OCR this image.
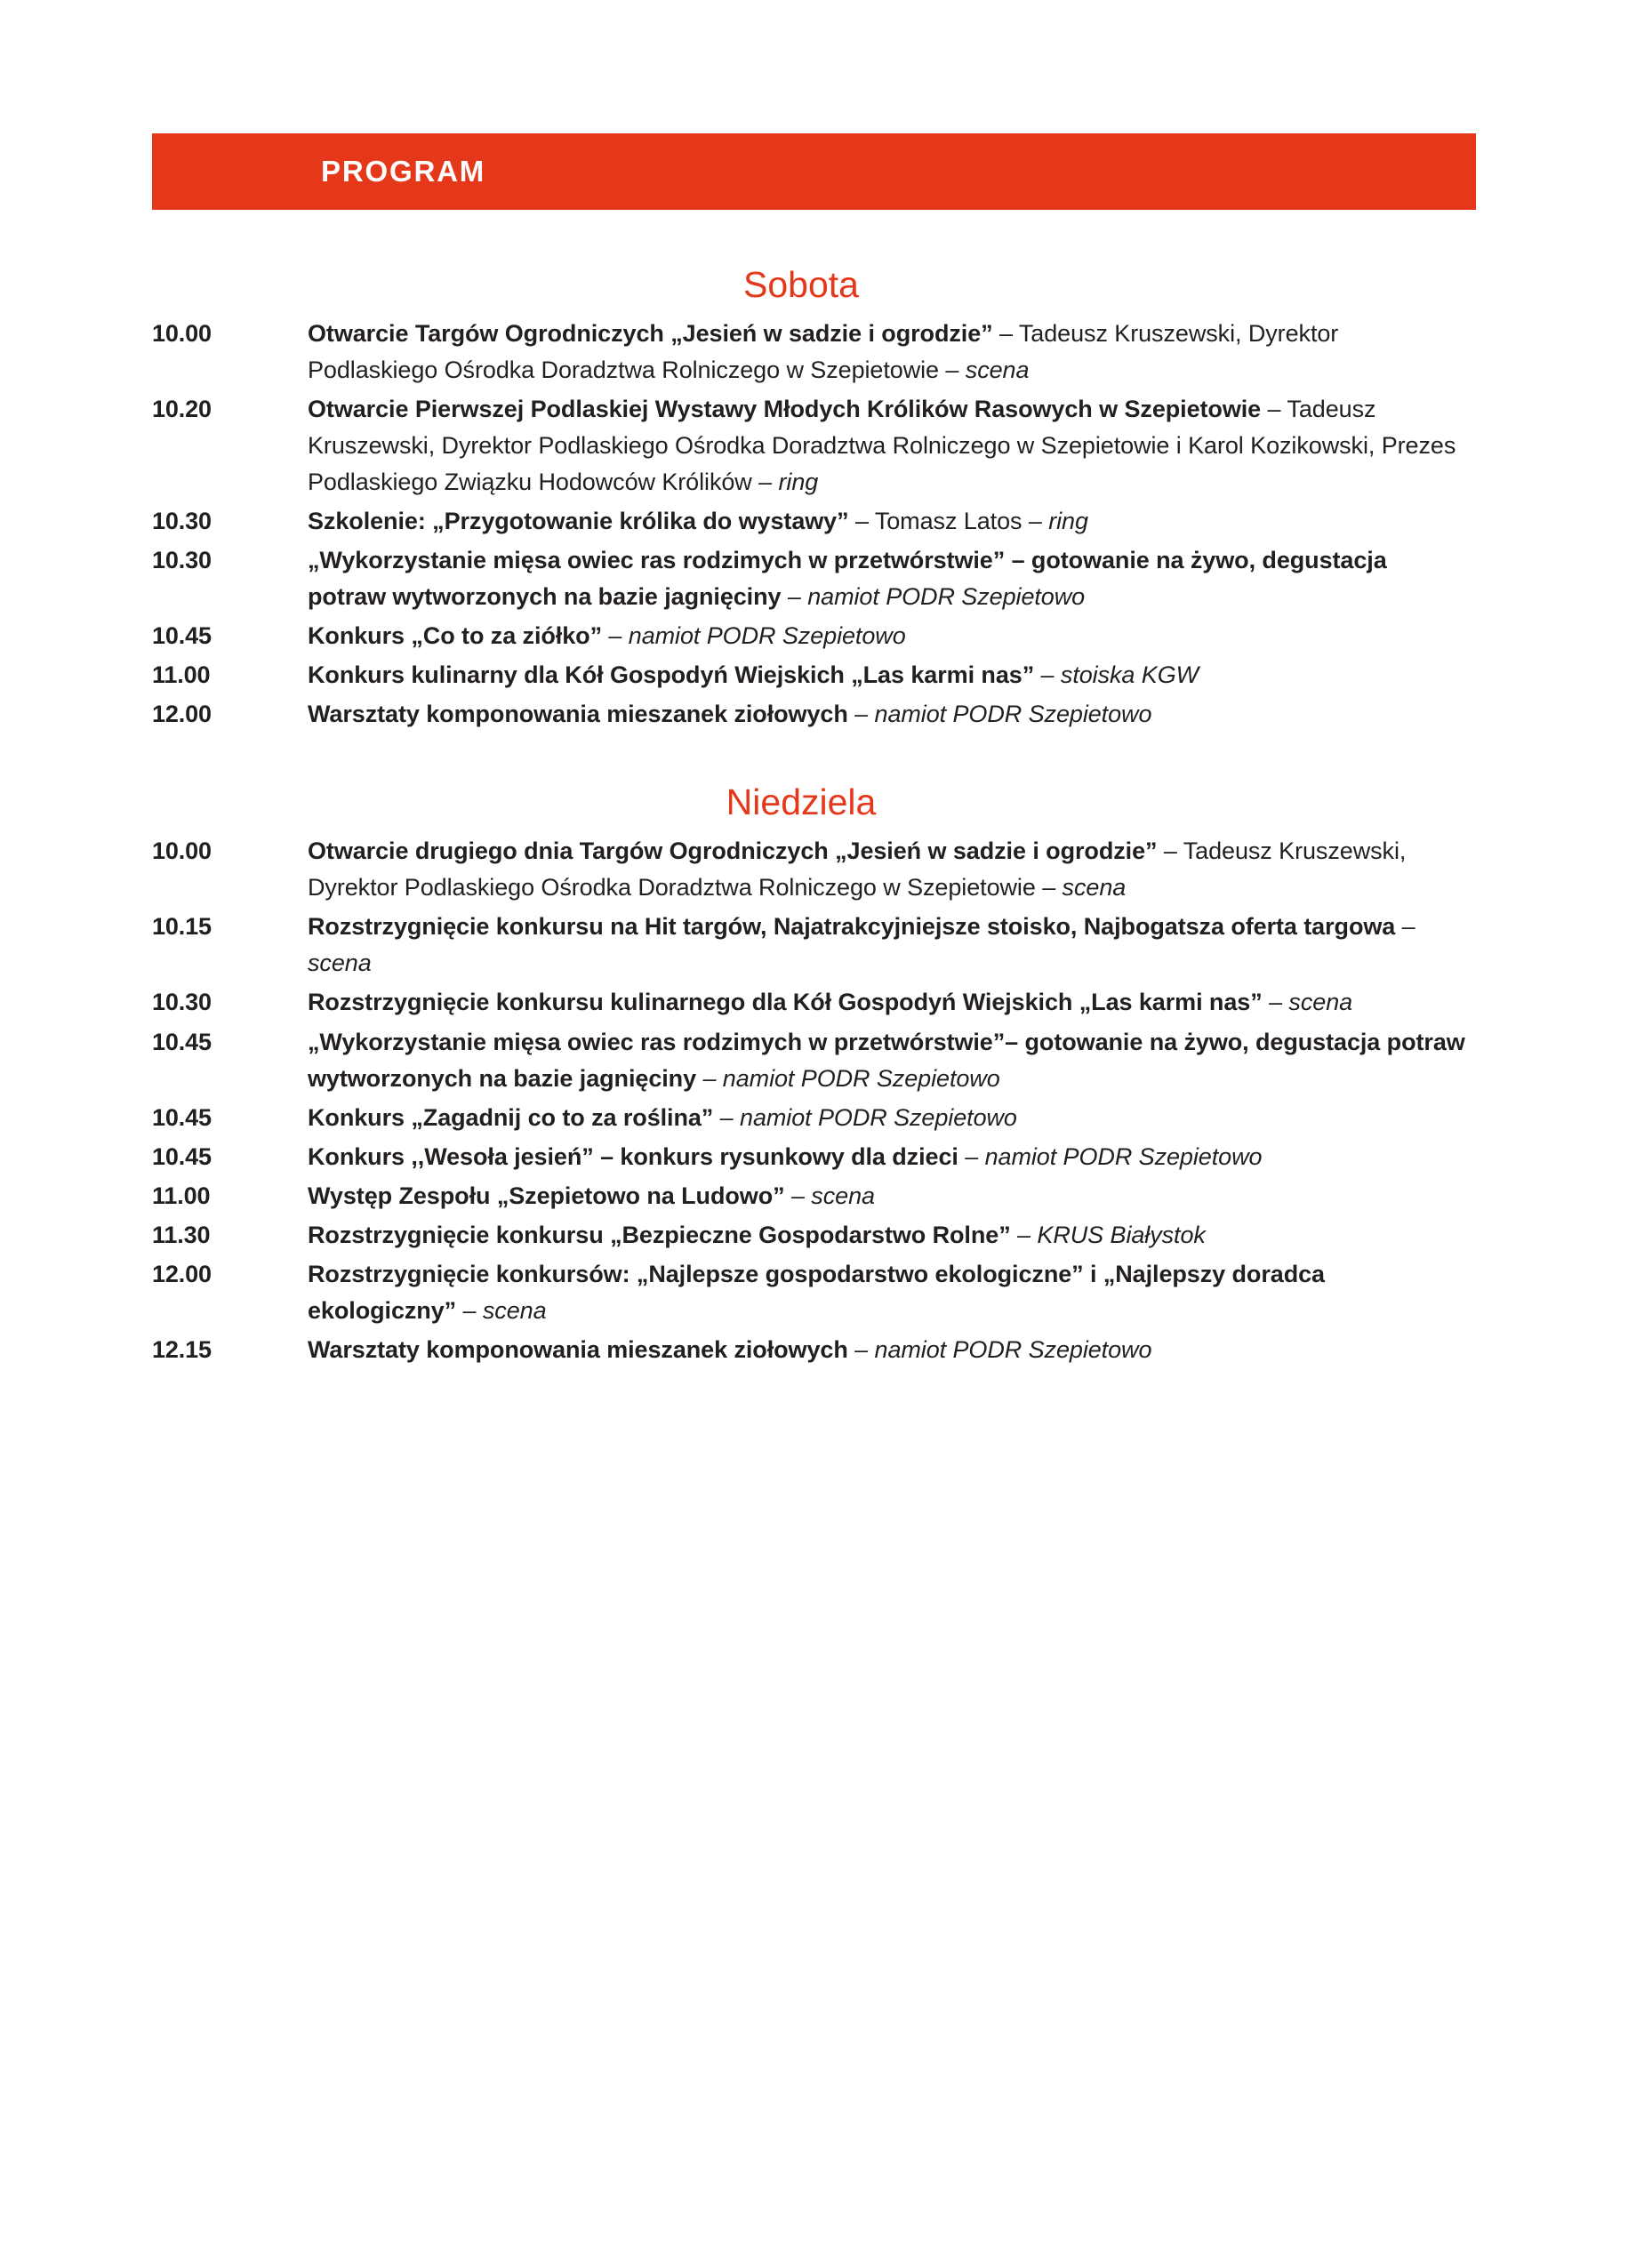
PROGRAM
Sobota
10.00	Otwarcie Targów Ogrodniczych „Jesień w sadzie i ogrodzie” – Tadeusz Kruszewski, Dyrektor Podlaskiego Ośrodka Doradztwa Rolniczego w Szepietowie – scena
10.20	Otwarcie Pierwszej Podlaskiej Wystawy Młodych Królików Rasowych w Szepietowie – Tadeusz Kruszewski, Dyrektor Podlaskiego Ośrodka Doradztwa Rolniczego w Szepietowie i Karol Kozikowski, Prezes Podlaskiego Związku Hodowców Królików – ring
10.30	Szkolenie: „Przygotowanie królika do wystawy” – Tomasz Latos – ring
10.30	„Wykorzystanie mięsa owiec ras rodzimych w przetwórstwie” – gotowanie na żywo, degustacja potraw wytworzonych na bazie jagnięciny – namiot PODR Szepietowo
10.45	Konkurs „Co to za ziółko” – namiot PODR Szepietowo
11.00	Konkurs kulinarny dla Kół Gospodyń Wiejskich „Las karmi nas” – stoiska KGW
12.00	Warsztaty komponowania mieszanek ziołowych – namiot PODR Szepietowo
Niedziela
10.00	Otwarcie drugiego dnia Targów Ogrodniczych „Jesień w sadzie i ogrodzie” – Tadeusz Kruszewski, Dyrektor Podlaskiego Ośrodka Doradztwa Rolniczego w Szepietowie – scena
10.15	Rozstrzygnięcie konkursu na Hit targów, Najatrakcyjniejsze stoisko, Najbogatsza oferta targowa – scena
10.30	Rozstrzygnięcie konkursu kulinarnego dla Kół Gospodyń Wiejskich „Las karmi nas” – scena
10.45	„Wykorzystanie mięsa owiec ras rodzimych w przetwórstwie”– gotowanie na żywo, degustacja potraw wytworzonych na bazie jagnięciny – namiot PODR Szepietowo
10.45	Konkurs „Zagadnij co to za roślina” – namiot PODR Szepietowo
10.45	Konkurs ,,Wesoła jesień” – konkurs rysunkowy dla dzieci – namiot PODR Szepietowo
11.00	Występ Zespołu „Szepietowo na Ludowo” – scena
11.30	Rozstrzygnięcie konkursu „Bezpieczne Gospodarstwo Rolne” – KRUS Białystok
12.00	Rozstrzygnięcie konkursów: „Najlepsze gospodarstwo ekologiczne” i „Najlepszy doradca ekologiczny” – scena
12.15	Warsztaty komponowania mieszanek ziołowych – namiot PODR Szepietowo
